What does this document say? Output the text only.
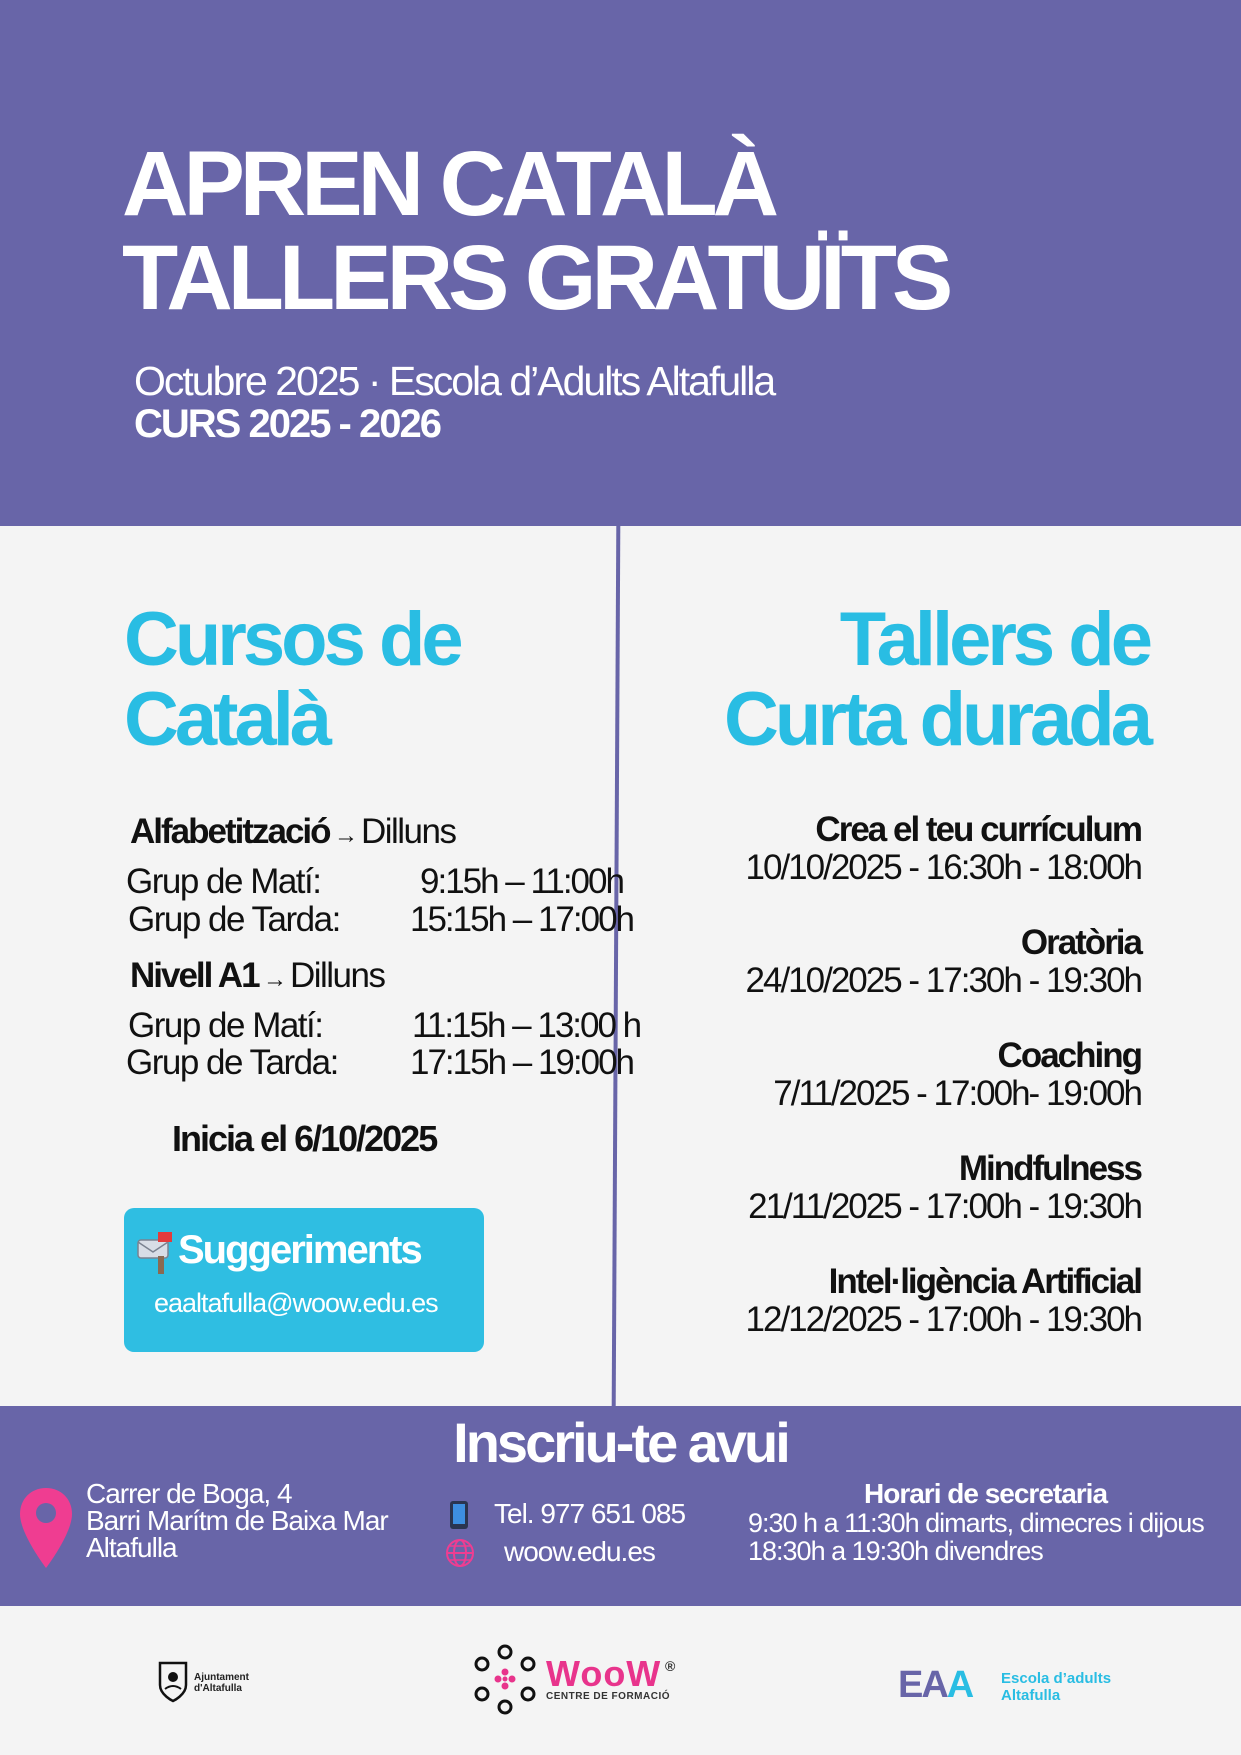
APREN CATALÀ
TALLERS GRATUÏTS
Octubre 2025 · Escola d’Adults Altafulla
CURS 2025 - 2026
Cursos de
Català
Alfabetització → Dilluns
Grup de Matí:	9:15h – 11:00h
Grup de Tarda: 15:15h – 17:00h
Nivell A1 → Dilluns
Grup de Matí:	11:15h – 13:00 h
Grup de Tarda: 17:15h – 19:00h
Inicia el 6/10/2025
Suggeriments
eaaltafulla@woow.edu.es
Tallers de
Curta durada
Crea el teu currículum
10/10/2025 - 16:30h - 18:00h
Oratòria
24/10/2025 - 17:30h - 19:30h
Coaching
7/11/2025 - 17:00h- 19:00h
Mindfulness
21/11/2025 - 17:00h - 19:30h
Intel·ligència Artificial
12/12/2025 - 17:00h - 19:30h
Inscriu-te avui
Carrer de Boga, 4
Barri Marítm de Baixa Mar
Altafulla
Tel. 977 651 085
woow.edu.es
Horari de secretaria
9:30 h a 11:30h dimarts, dimecres i dijous
18:30h a 19:30h divendres
Ajuntament
d'Altafulla	WooW ®
CENTRE DE FORMACIÓ	EAA Escola d’adults
Altafulla
